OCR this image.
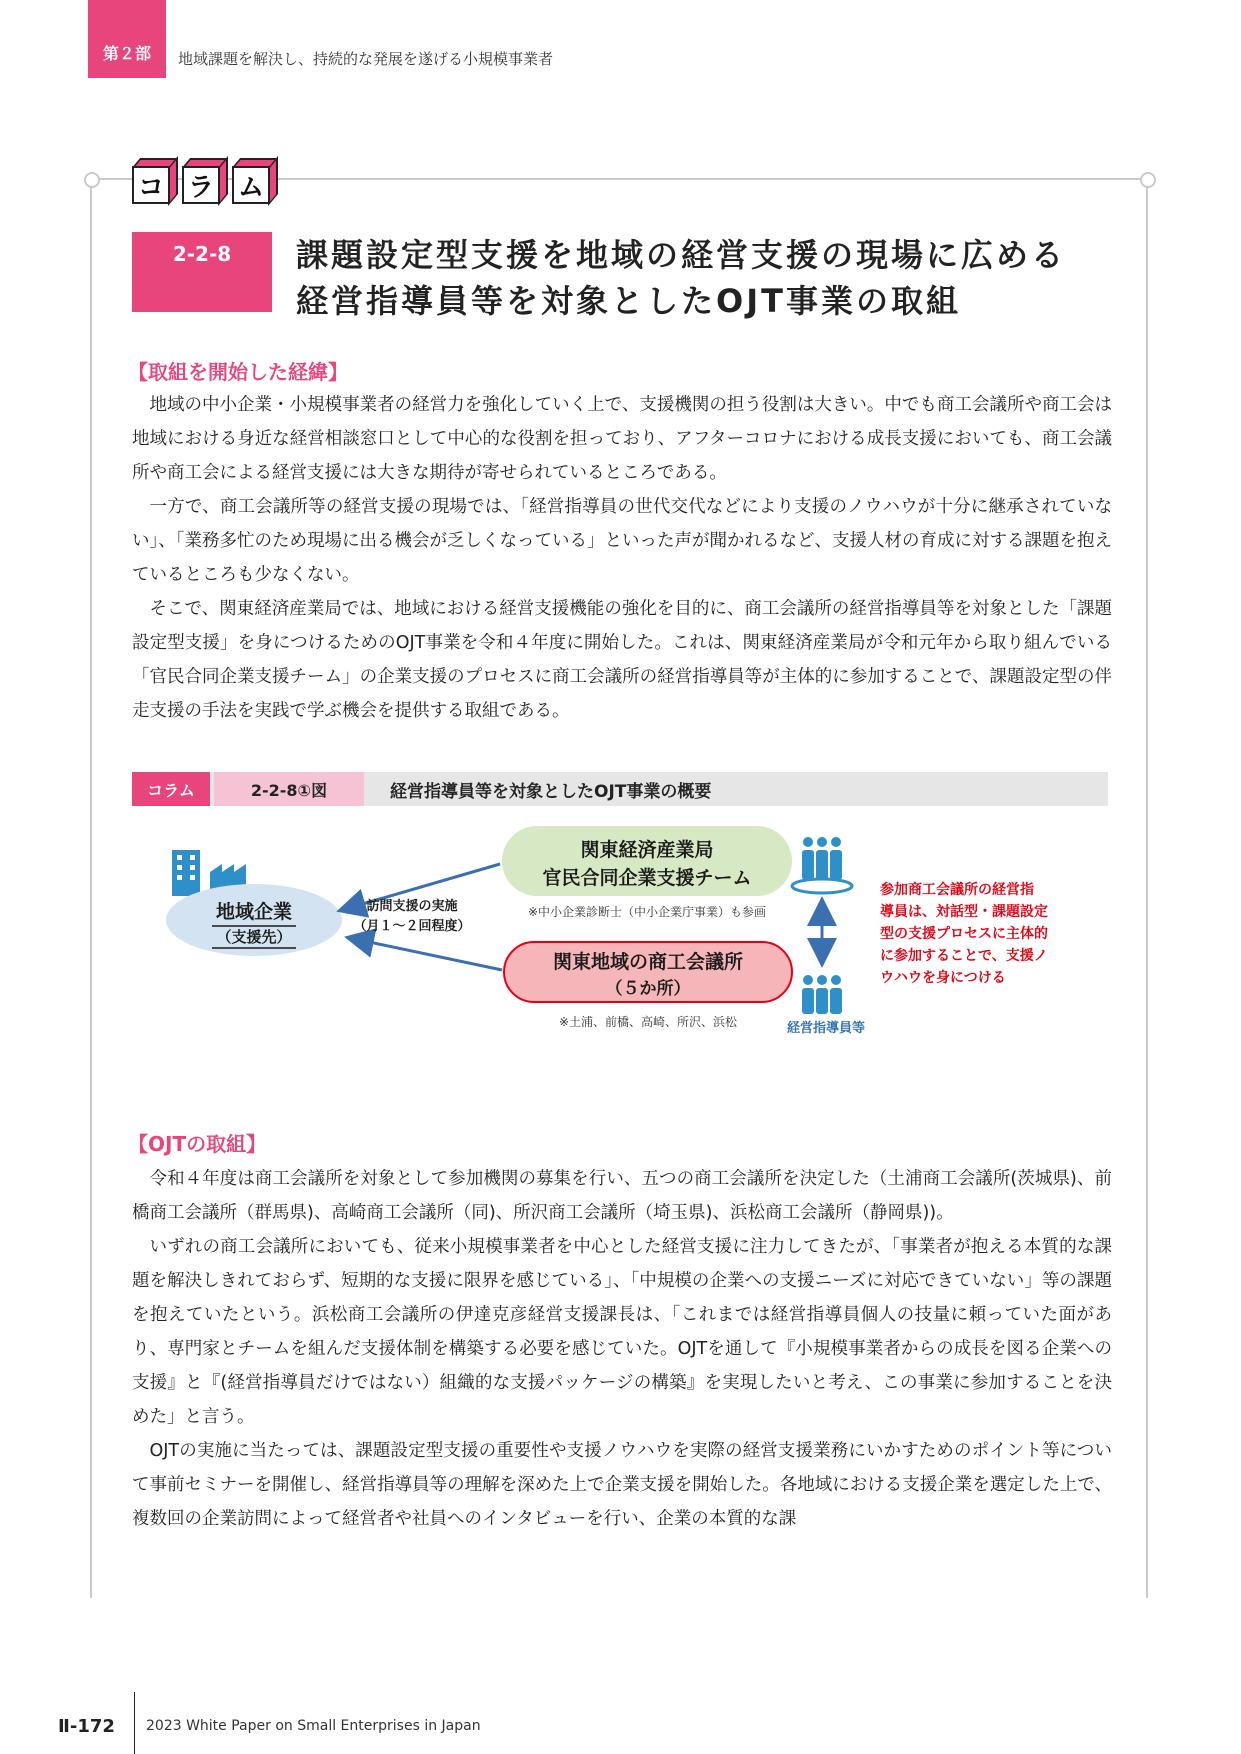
第２部	地域課題を解決し、持続的な発展を遂げる小規模事業者
コ ラ ム
2-2-8	課題設定型支援を地域の経営支援の現場に広める
経営指導員等を対象としたOJT事業の取組
【取組を開始した経緯】

地域の中小企業・小規模事業者の経営力を強化していく上で、支援機関の担う役割は大きい。中でも商工会議所や商工会は地域における身近な経営相談窓口として中心的な役割を担っており、アフターコロナにおける成長支援においても、商工会議所や商工会による経営支援には大きな期待が寄せられているところである。

一方で、商工会議所等の経営支援の現場では、「経営指導員の世代交代などにより支援のノウハウが十分に継承されていない」、「業務多忙のため現場に出る機会が乏しくなっている」といった声が聞かれるなど、支援人材の育成に対する課題を抱えているところも少なくない。

そこで、関東経済産業局では、地域における経営支援機能の強化を目的に、商工会議所の経営指導員等を対象とした「課題設定型支援」を身につけるためのOJT事業を令和４年度に開始した。これは、関東経済産業局が令和元年から取り組んでいる「官民合同企業支援チーム」の企業支援のプロセスに商工会議所の経営指導員等が主体的に参加することで、課題設定型の伴走支援の手法を実践で学ぶ機会を提供する取組である。

コラム	2-2-8①図	経営指導員等を対象としたOJT事業の概要
地域企業
（支援先）
関東経済産業局
官民合同企業支援チーム
※中小企業診断士（中小企業庁事業）も参画
関東地域の商工会議所
（５か所）
※土浦、前橋、高崎、所沢、浜松
訪問支援の実施
（月１～２回程度）
経営指導員等
参加商工会議所の経営指
導員は、対話型・課題設定
型の支援プロセスに主体的
に参加することで、支援ノ
ウハウを身につける
【OJTの取組】

令和４年度は商工会議所を対象として参加機関の募集を行い、五つの商工会議所を決定した（土浦商工会議所(茨城県)、前橋商工会議所（群馬県)、高崎商工会議所（同)、所沢商工会議所（埼玉県)、浜松商工会議所（静岡県))。

いずれの商工会議所においても、従来小規模事業者を中心とした経営支援に注力してきたが、「事業者が抱える本質的な課題を解決しきれておらず、短期的な支援に限界を感じている」、「中規模の企業への支援ニーズに対応できていない」等の課題を抱えていたという。浜松商工会議所の伊達克彦経営支援課長は、「これまでは経営指導員個人の技量に頼っていた面があり、専門家とチームを組んだ支援体制を構築する必要を感じていた。OJTを通して『小規模事業者からの成長を図る企業への支援』と『(経営指導員だけではない）組織的な支援パッケージの構築』を実現したいと考え、この事業に参加することを決めた」と言う。

OJTの実施に当たっては、課題設定型支援の重要性や支援ノウハウを実際の経営支援業務にいかすためのポイント等について事前セミナーを開催し、経営指導員等の理解を深めた上で企業支援を開始した。各地域における支援企業を選定した上で、複数回の企業訪問によって経営者や社員へのインタビューを行い、企業の本質的な課

Ⅱ-172 2023 White Paper on Small Enterprises in Japan
